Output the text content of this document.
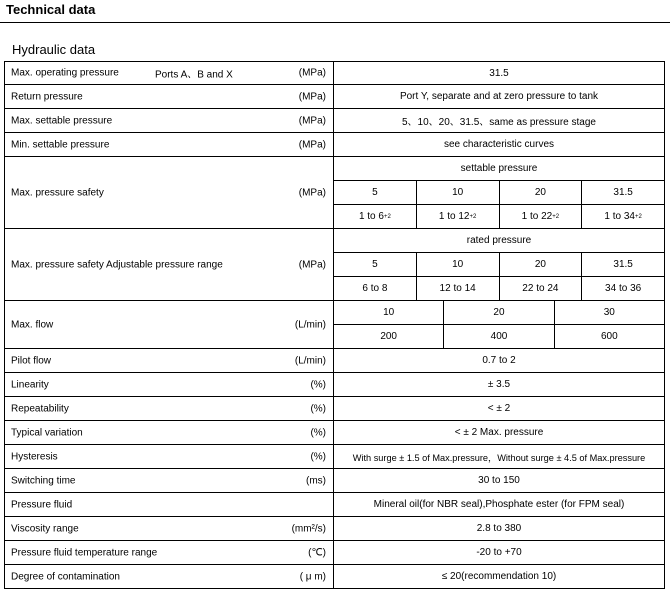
Technical data
Hydraulic data
Max. operating pressure	Ports A、B and X	(MPa)	31.5
Return pressure	(MPa)	Port Y, separate and at zero pressure to tank
Max. settable pressure	(MPa)	5、10、20、31.5、same as pressure stage
Min. settable pressure	(MPa)	see characteristic curves
Max. pressure safety	(MPa)
settable pressure
5	10	20	31.5
1 to 6 +2	1 to 12 +2	1 to 22 +2	1 to 34 +2
Max. pressure safety Adjustable pressure range	(MPa)
rated pressure
5	10	20	31.5
6 to 8	12 to 14	22 to 24	34 to 36
Max. flow	(L/min)
10	20	30
200	400	600
Pilot flow	(L/min)	0.7 to 2
Linearity	(%)	± 3.5
Repeatability	(%)	< ± 2
Typical variation	(%)	< ± 2 Max. pressure
Hysteresis	(%)	With surge ± 1.5 of Max.pressure，Without surge ± 4.5 of Max.pressure
Switching time	(ms)	30 to 150
Pressure fluid	Mineral oil(for NBR seal),Phosphate ester (for FPM seal)
Viscosity range	(mm²/s)	2.8 to 380
Pressure fluid temperature range	(℃)	-20 to +70
Degree of contamination	( μ m)	≤ 20(recommendation 10)
